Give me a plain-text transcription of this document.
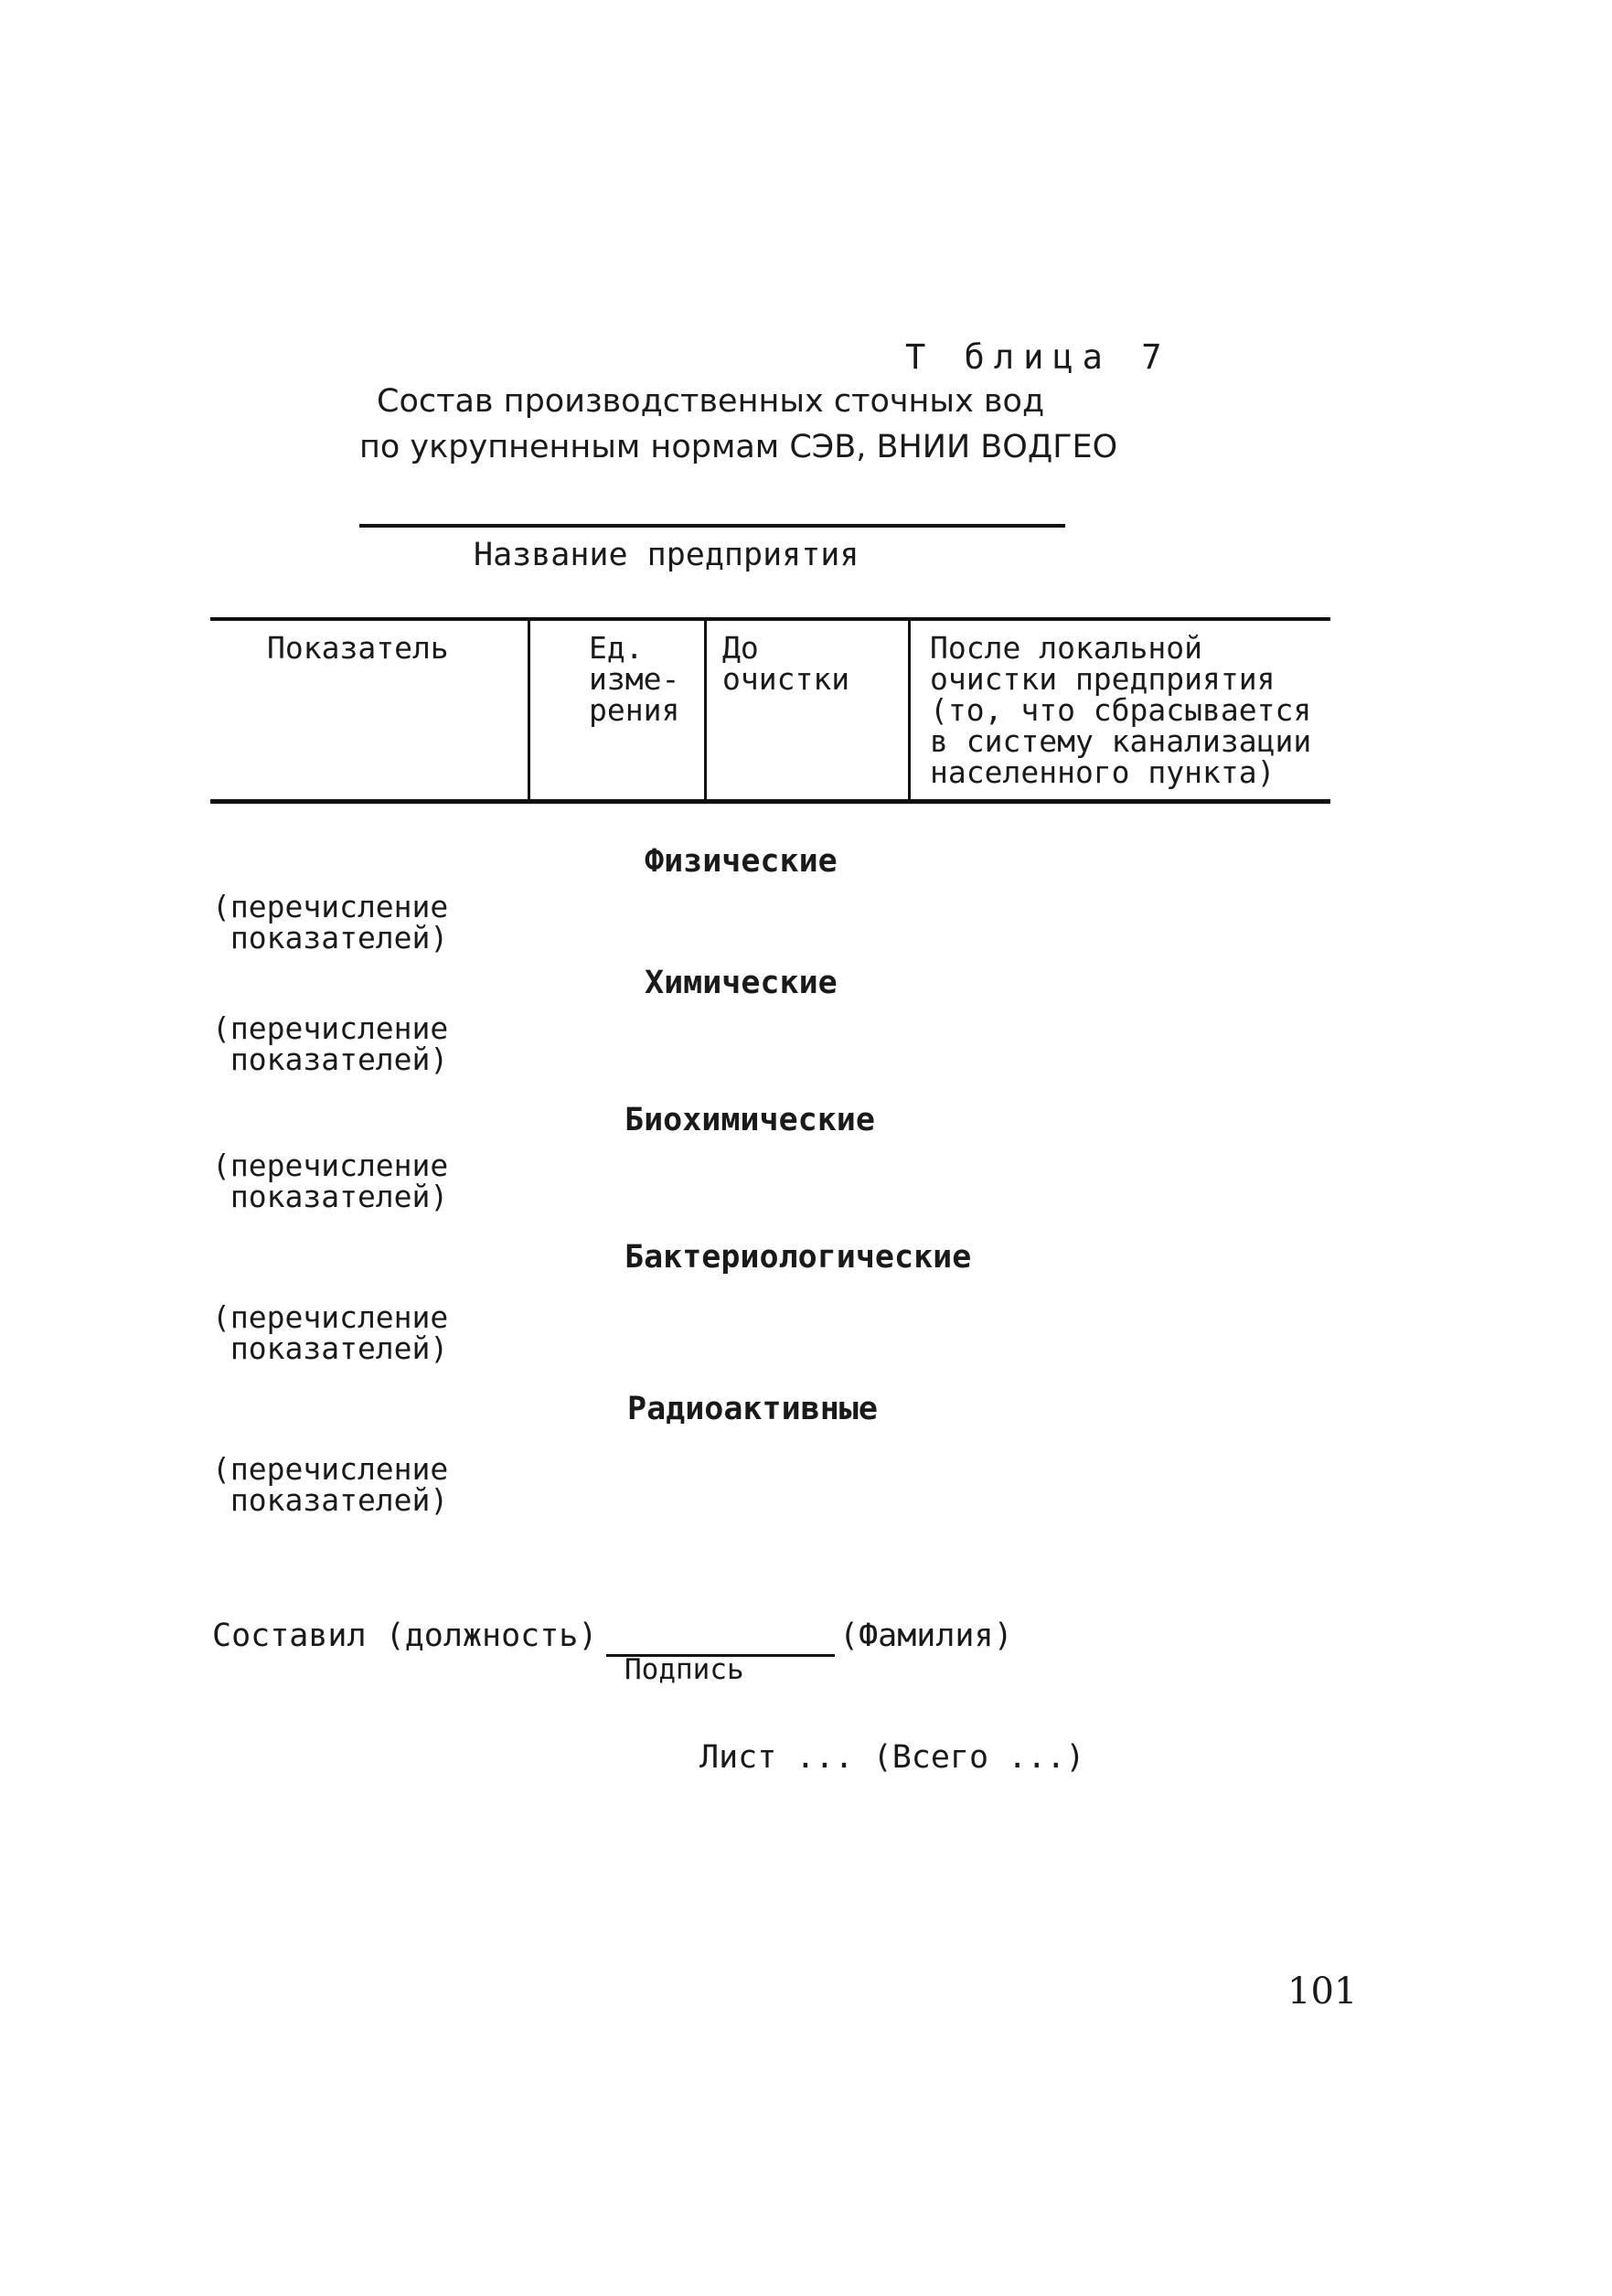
Т блица 7
Состав производственных сточных вод
по укрупненным нормам СЭВ, ВНИИ ВОДГЕО
Название предприятия
Показатель	Ед.
изме-
рения
До
очистки
После локальной
очистки предприятия
(то, что сбрасывается
в систему канализации
населенного пункта)
Физические
(перечисление
показателей)
Химические
(перечисление
показателей)
Биохимические
(перечисление
показателей)
Бактериологические
(перечисление
показателей)
Радиоактивные
(перечисление
показателей)
Составил (должность)	(Фамилия)
Подпись
Лист ... (Всего ...)
101
